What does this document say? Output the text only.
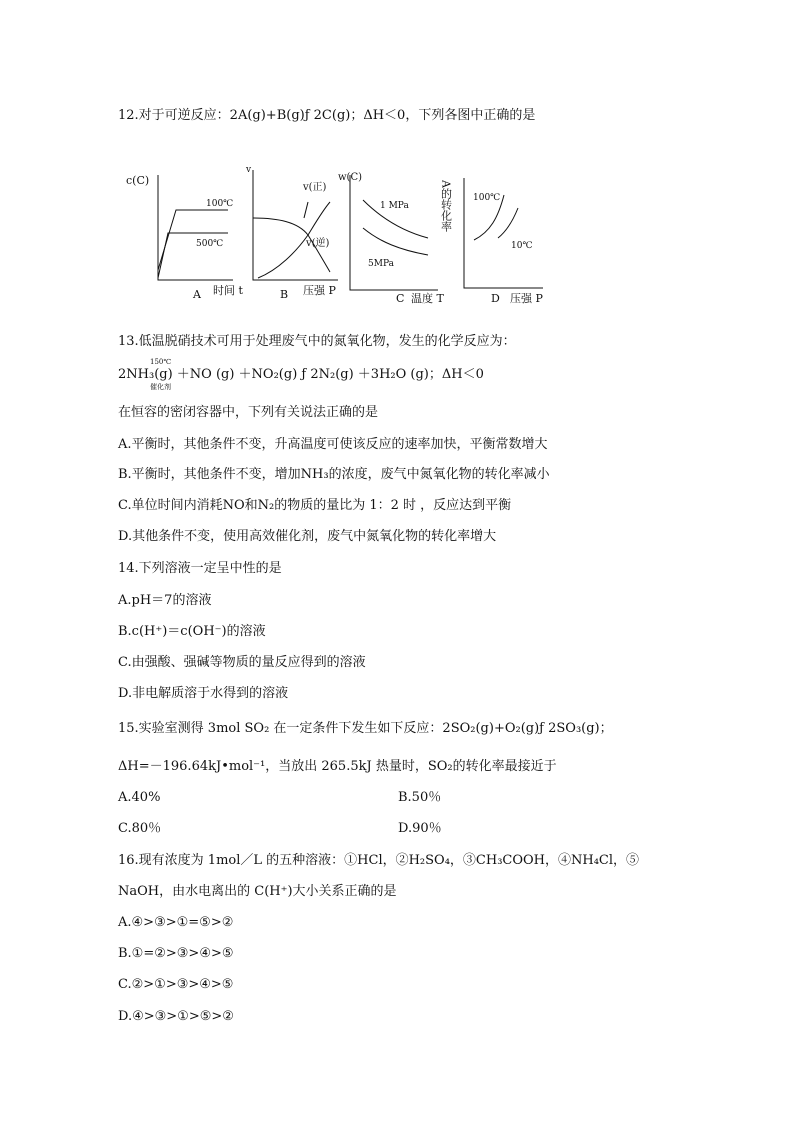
12.对于可逆反应：2A(g)+B(g)ƒ 2C(g)；ΔH＜0，下列各图中正确的是
c(C)
100℃
500℃
A 时间 t
v
v(正)
v(逆)
B 压强 P
w(C)
1 MPa
5MPa
C 温度 T
A的转化率 100℃
10℃
D 压强 P
13.低温脱硝技术可用于处理废气中的氮氧化物，发生的化学反应为：
150℃
2NH₃(g) ＋NO (g) ＋NO₂(g) ƒ 2N₂(g) ＋3H₂O (g)；ΔH＜0
催化剂
在恒容的密闭容器中，下列有关说法正确的是
A.平衡时，其他条件不变，升高温度可使该反应的速率加快，平衡常数增大
B.平衡时，其他条件不变，增加NH₃的浓度，废气中氮氧化物的转化率减小
C.单位时间内消耗NO和N₂的物质的量比为 1：2 时 ，反应达到平衡
D.其他条件不变，使用高效催化剂，废气中氮氧化物的转化率增大
14.下列溶液一定呈中性的是
A.pH＝7的溶液
B.c(H⁺)＝c(OH⁻)的溶液
C.由强酸、强碱等物质的量反应得到的溶液
D.非电解质溶于水得到的溶液
15.实验室测得 3mol SO₂ 在一定条件下发生如下反应：2SO₂(g)+O₂(g)ƒ 2SO₃(g)；
ΔH=－196.64kJ•mol⁻¹，当放出 265.5kJ 热量时，SO₂的转化率最接近于
A.40%	B.50％
C.80％	D.90％
16.现有浓度为 1mol／L 的五种溶液：①HCl，②H₂SO₄，③CH₃COOH，④NH₄Cl，⑤
NaOH，由水电离出的 C(H⁺)大小关系正确的是
A.④>③>①=⑤>②
B.①=②>③>④>⑤
C.②>①>③>④>⑤
D.④>③>①>⑤>②
